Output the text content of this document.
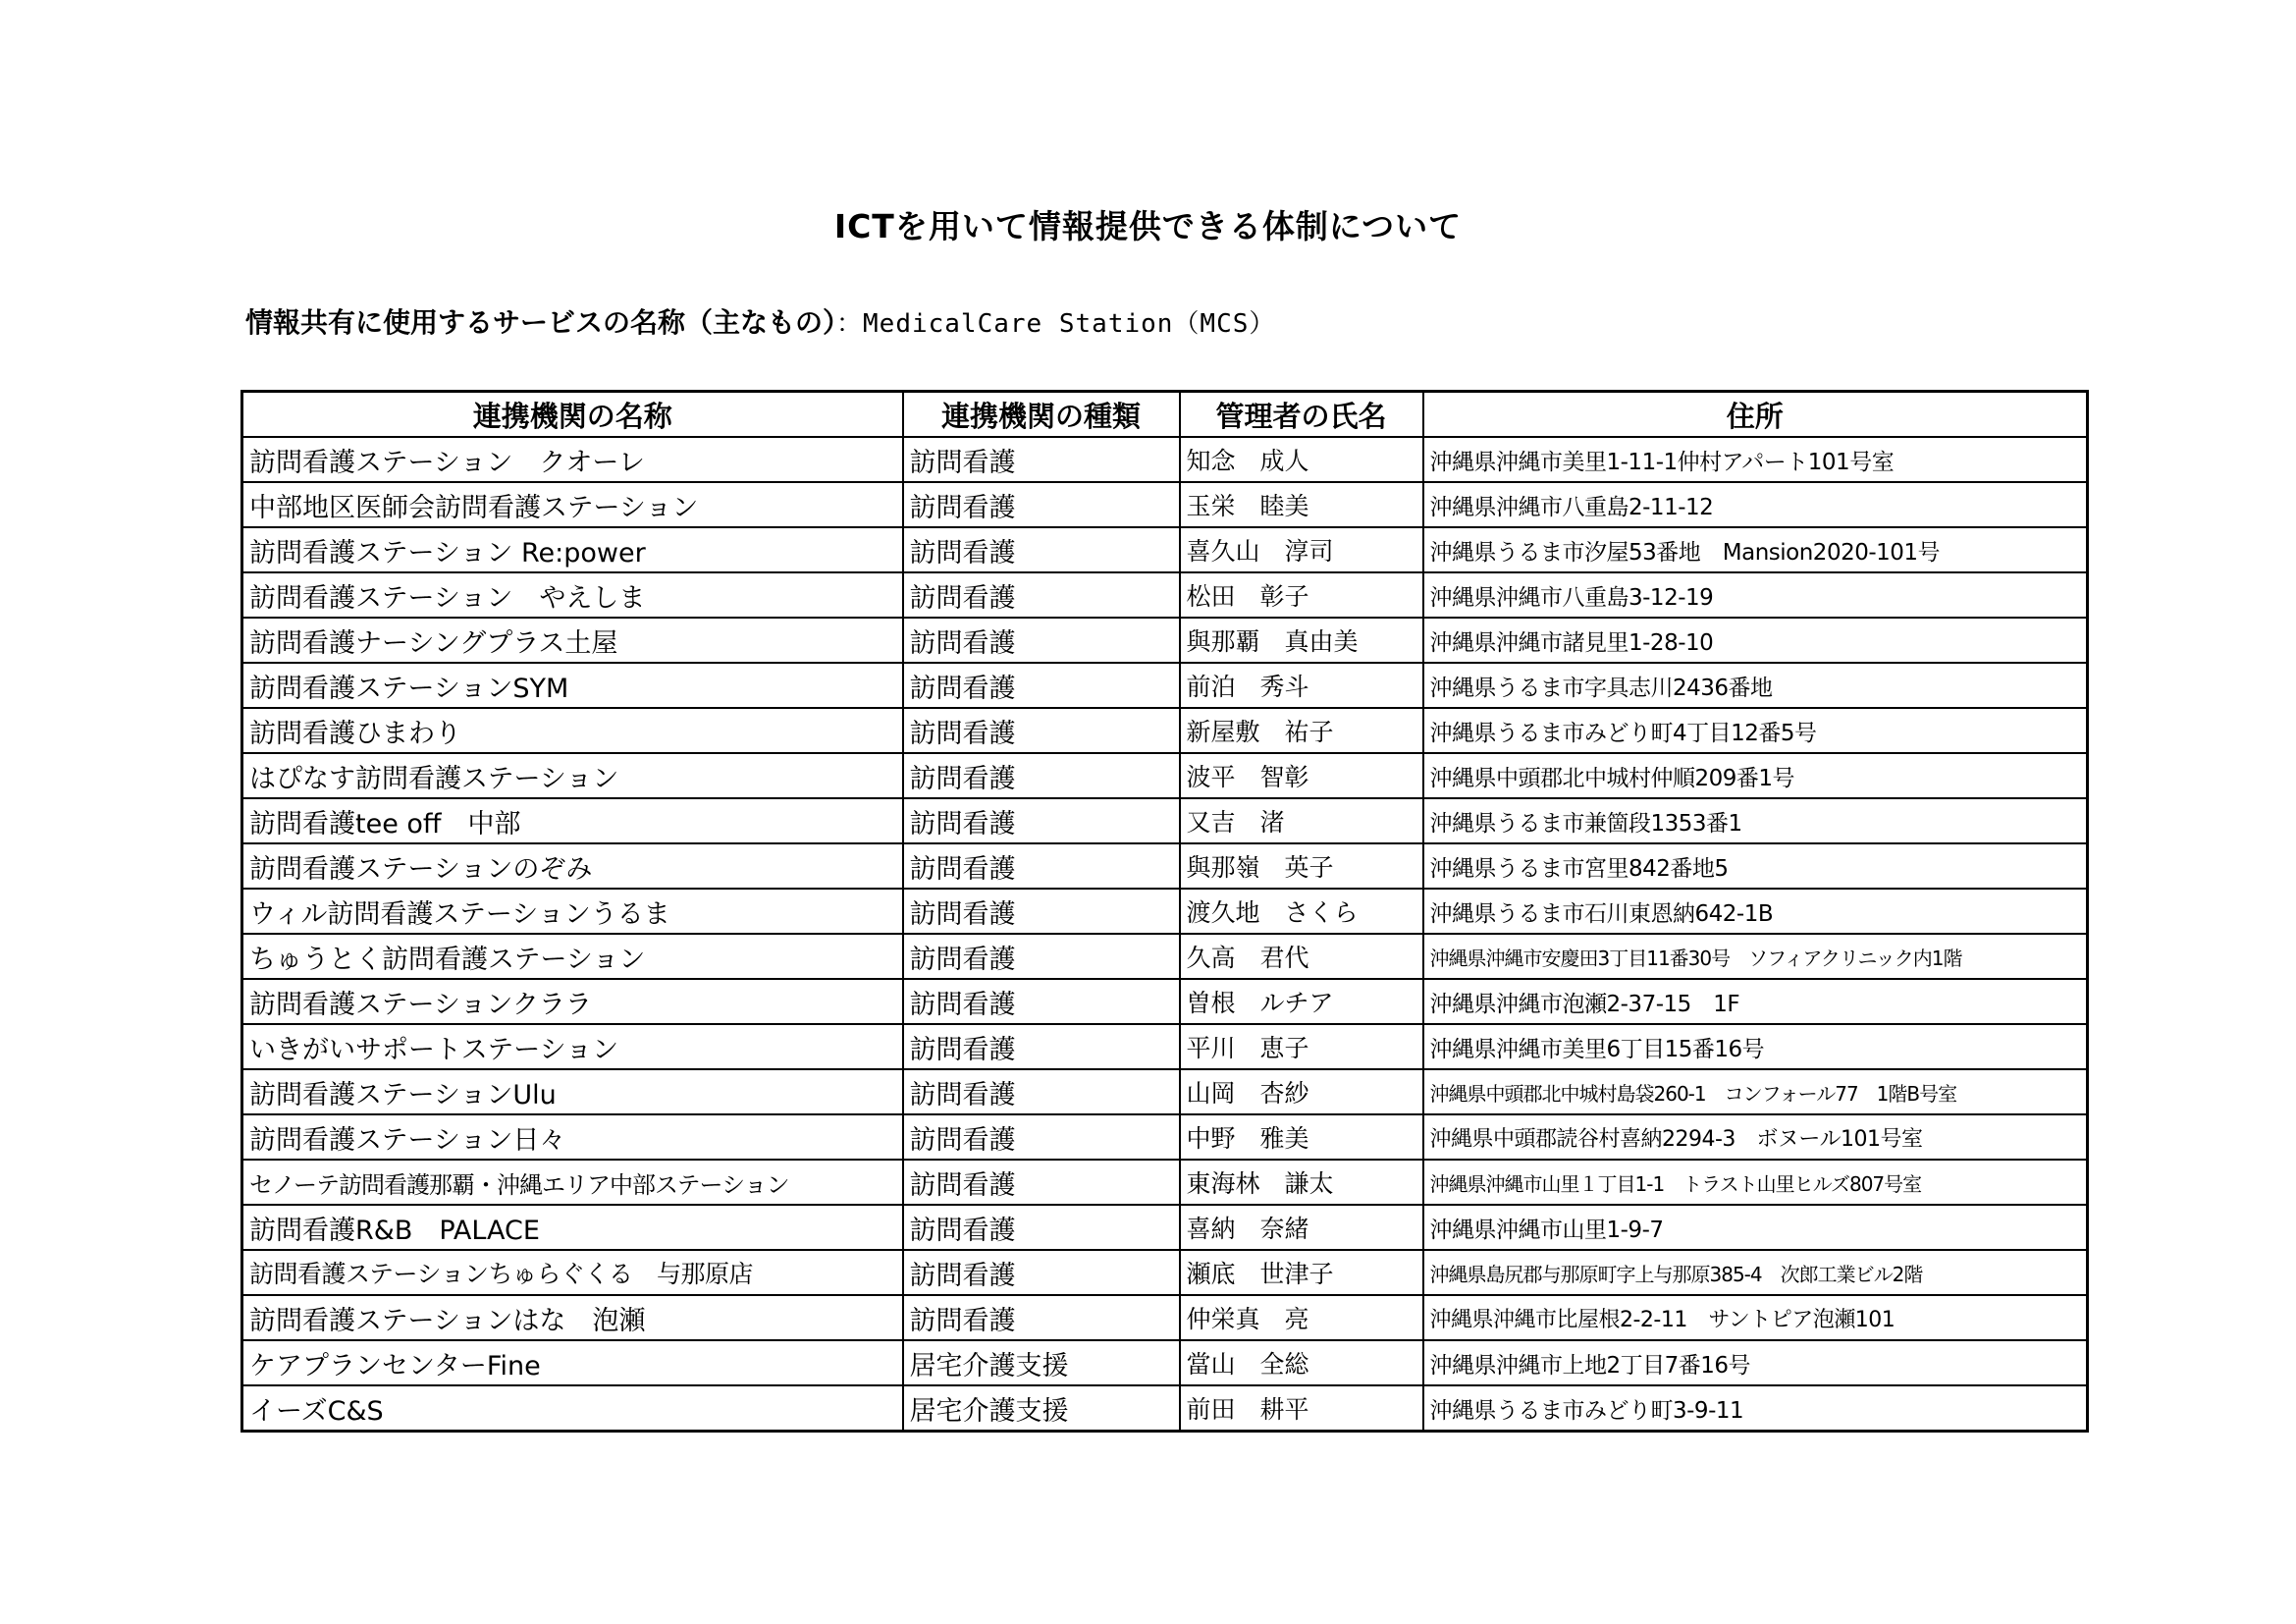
ICTを用いて情報提供できる体制について
情報共有に使用するサービスの名称（主なもの）：MedicalCare Station（MCS）
連携機関の名称	連携機関の種類	管理者の氏名	住所
訪問看護ステーション　クオーレ	訪問看護	知念　成人	沖縄県沖縄市美里1-11-1仲村アパート101号室
中部地区医師会訪問看護ステーション	訪問看護	玉栄　睦美	沖縄県沖縄市八重島2-11-12
訪問看護ステーション Re:power	訪問看護	喜久山　淳司	沖縄県うるま市汐屋53番地　Mansion2020-101号
訪問看護ステーション　やえしま	訪問看護	松田　彰子	沖縄県沖縄市八重島3-12-19
訪問看護ナーシングプラス土屋	訪問看護	與那覇　真由美	沖縄県沖縄市諸見里1-28-10
訪問看護ステーションSYM	訪問看護	前泊　秀斗	沖縄県うるま市字具志川2436番地
訪問看護ひまわり	訪問看護	新屋敷　祐子	沖縄県うるま市みどり町4丁目12番5号
はぴなす訪問看護ステーション	訪問看護	波平　智彰	沖縄県中頭郡北中城村仲順209番1号
訪問看護tee off　中部	訪問看護	又吉　渚	沖縄県うるま市兼箇段1353番1
訪問看護ステーションのぞみ	訪問看護	與那嶺　英子	沖縄県うるま市宮里842番地5
ウィル訪問看護ステーションうるま	訪問看護	渡久地　さくら	沖縄県うるま市石川東恩納642-1B
ちゅうとく訪問看護ステーション	訪問看護	久高　君代	沖縄県沖縄市安慶田3丁目11番30号　ソフィアクリニック内1階
訪問看護ステーションクララ	訪問看護	曽根　ルチア	沖縄県沖縄市泡瀬2-37-15　1F
いきがいサポートステーション	訪問看護	平川　恵子	沖縄県沖縄市美里6丁目15番16号
訪問看護ステーションUlu	訪問看護	山岡　杏紗	沖縄県中頭郡北中城村島袋260-1　コンフォール77　1階B号室
訪問看護ステーション日々	訪問看護	中野　雅美	沖縄県中頭郡読谷村喜納2294-3　ボヌール101号室
セノーテ訪問看護那覇・沖縄エリア中部ステーション	訪問看護	東海林　謙太	沖縄県沖縄市山里１丁目1-1　トラスト山里ヒルズ807号室
訪問看護R&B　PALACE	訪問看護	喜納　奈緒	沖縄県沖縄市山里1-9-7
訪問看護ステーションちゅらぐくる　与那原店	訪問看護	瀬底　世津子	沖縄県島尻郡与那原町字上与那原385-4　次郎工業ビル2階
訪問看護ステーションはな　泡瀬	訪問看護	仲栄真　亮	沖縄県沖縄市比屋根2-2-11　サントピア泡瀬101
ケアプランセンターFine	居宅介護支援	當山　全総	沖縄県沖縄市上地2丁目7番16号
イーズC&S	居宅介護支援	前田　耕平	沖縄県うるま市みどり町3-9-11
